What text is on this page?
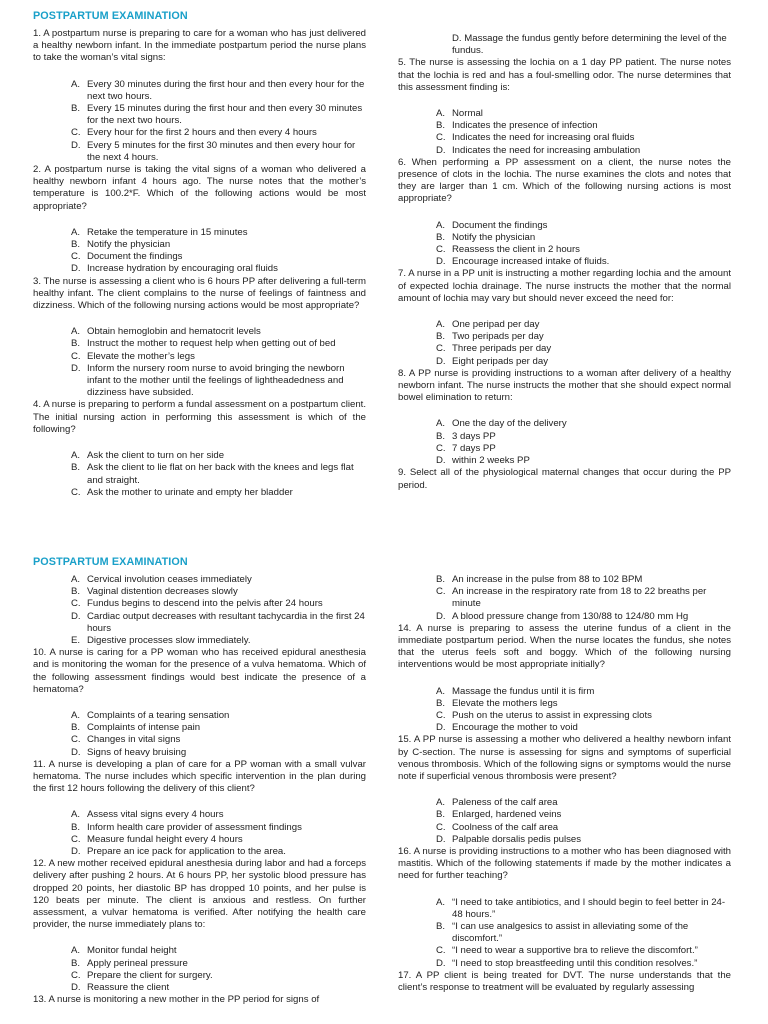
POSTPARTUM EXAMINATION

1. A postpartum nurse is preparing to care for a woman who has just delivered a healthy newborn infant. In the immediate postpartum period the nurse plans to take the woman’s vital signs:

A. Every 30 minutes during the first hour and then every hour for the next two hours.
B. Every 15 minutes during the first hour and then every 30 minutes for the next two hours.
C. Every hour for the first 2 hours and then every 4 hours
D. Every 5 minutes for the first 30 minutes and then every hour for the next 4 hours.

2. A postpartum nurse is taking the vital signs of a woman who delivered a healthy newborn infant 4 hours ago. The nurse notes that the mother’s temperature is 100.2*F. Which of the following actions would be most appropriate?

A. Retake the temperature in 15 minutes
B. Notify the physician
C. Document the findings
D. Increase hydration by encouraging oral fluids

3. The nurse is assessing a client who is 6 hours PP after delivering a full-term healthy infant. The client complains to the nurse of feelings of faintness and dizziness. Which of the following nursing actions would be most appropriate?

A. Obtain hemoglobin and hematocrit levels
B. Instruct the mother to request help when getting out of bed
C. Elevate the mother’s legs
D. Inform the nursery room nurse to avoid bringing the newborn infant to the mother until the feelings of lightheadedness and dizziness have subsided.

4. A nurse is preparing to perform a fundal assessment on a postpartum client. The initial nursing action in performing this assessment is which of the following?

A. Ask the client to turn on her side
B. Ask the client to lie flat on her back with the knees and legs flat and straight.
C. Ask the mother to urinate and empty her bladder
D. Massage the fundus gently before determining the level of the fundus.

5. The nurse is assessing the lochia on a 1 day PP patient. The nurse notes that the lochia is red and has a foul-smelling odor. The nurse determines that this assessment finding is:

A. Normal
B. Indicates the presence of infection
C. Indicates the need for increasing oral fluids
D. Indicates the need for increasing ambulation

6. When performing a PP assessment on a client, the nurse notes the presence of clots in the lochia. The nurse examines the clots and notes that they are larger than 1 cm. Which of the following nursing actions is most appropriate?

A. Document the findings
B. Notify the physician
C. Reassess the client in 2 hours
D. Encourage increased intake of fluids.

7. A nurse in a PP unit is instructing a mother regarding lochia and the amount of expected lochia drainage. The nurse instructs the mother that the normal amount of lochia may vary but should never exceed the need for:

A. One peripad per day
B. Two peripads per day
C. Three peripads per day
D. Eight peripads per day

8. A PP nurse is providing instructions to a woman after delivery of a healthy newborn infant. The nurse instructs the mother that she should expect normal bowel elimination to return:

A. One the day of the delivery
B. 3 days PP
C. 7 days PP
D. within 2 weeks PP

9. Select all of the physiological maternal changes that occur during the PP period.

POSTPARTUM EXAMINATION
A. Cervical involution ceases immediately
B. Vaginal distention decreases slowly
C. Fundus begins to descend into the pelvis after 24 hours
D. Cardiac output decreases with resultant tachycardia in the first 24 hours
E. Digestive processes slow immediately.

10. A nurse is caring for a PP woman who has received epidural anesthesia and is monitoring the woman for the presence of a vulva hematoma. Which of the following assessment findings would best indicate the presence of a hematoma?

A. Complaints of a tearing sensation
B. Complaints of intense pain
C. Changes in vital signs
D. Signs of heavy bruising

11. A nurse is developing a plan of care for a PP woman with a small vulvar hematoma. The nurse includes which specific intervention in the plan during the first 12 hours following the delivery of this client?

A. Assess vital signs every 4 hours
B. Inform health care provider of assessment findings
C. Measure fundal height every 4 hours
D. Prepare an ice pack for application to the area.

12. A new mother received epidural anesthesia during labor and had a forceps delivery after pushing 2 hours. At 6 hours PP, her systolic blood pressure has dropped 20 points, her diastolic BP has dropped 10 points, and her pulse is 120 beats per minute. The client is anxious and restless. On further assessment, a vulvar hematoma is verified. After notifying the health care provider, the nurse immediately plans to:

A. Monitor fundal height
B. Apply perineal pressure
C. Prepare the client for surgery.
D. Reassure the client

13. A nurse is monitoring a new mother in the PP period for signs of

B. An increase in the pulse from 88 to 102 BPM
C. An increase in the respiratory rate from 18 to 22 breaths per minute
D. A blood pressure change from 130/88 to 124/80 mm Hg

14. A nurse is preparing to assess the uterine fundus of a client in the immediate postpartum period. When the nurse locates the fundus, she notes that the uterus feels soft and boggy. Which of the following nursing interventions would be most appropriate initially?

A. Massage the fundus until it is firm
B. Elevate the mothers legs
C. Push on the uterus to assist in expressing clots
D. Encourage the mother to void

15. A PP nurse is assessing a mother who delivered a healthy newborn infant by C-section. The nurse is assessing for signs and symptoms of superficial venous thrombosis. Which of the following signs or symptoms would the nurse note if superficial venous thrombosis were present?

A. Paleness of the calf area
B. Enlarged, hardened veins
C. Coolness of the calf area
D. Palpable dorsalis pedis pulses

16. A nurse is providing instructions to a mother who has been diagnosed with mastitis. Which of the following statements if made by the mother indicates a need for further teaching?

A. “I need to take antibiotics, and I should begin to feel better in 24-48 hours.”
B. “I can use analgesics to assist in alleviating some of the discomfort.”
C. “I need to wear a supportive bra to relieve the discomfort.”
D. “I need to stop breastfeeding until this condition resolves.”

17. A PP client is being treated for DVT. The nurse understands that the client’s response to treatment will be evaluated by regularly assessing
